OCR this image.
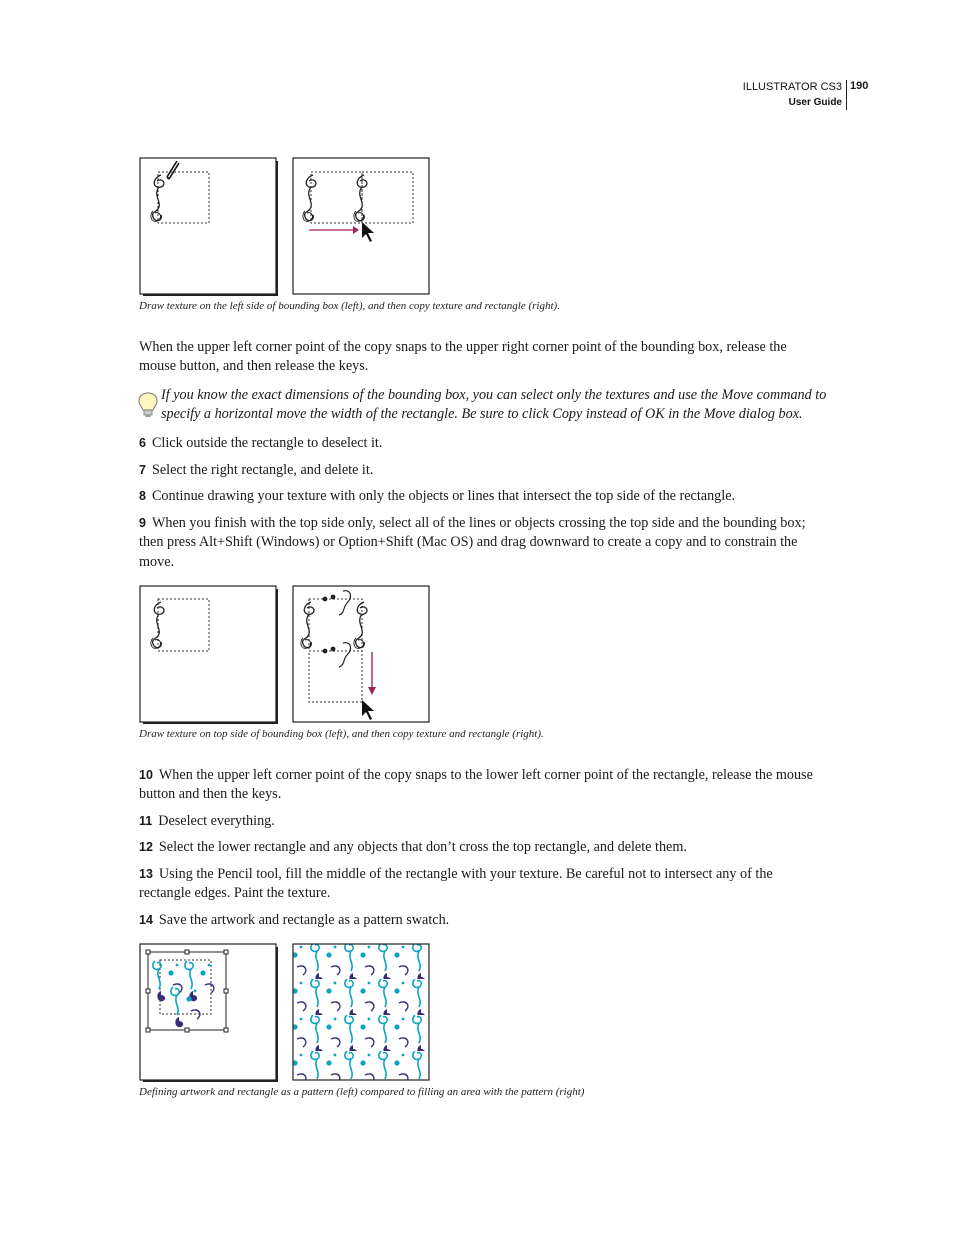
ILLUSTRATOR CS3
User Guide
190
Draw texture on the left side of bounding box (left), and then copy texture and rectangle (right).
When the upper left corner point of the copy snaps to the upper right corner point of the bounding box, release the mouse button, and then release the keys.
If you know the exact dimensions of the bounding box, you can select only the textures and use the Move command to specify a horizontal move the width of the rectangle. Be sure to click Copy instead of OK in the Move dialog box.
6 Click outside the rectangle to deselect it.
7 Select the right rectangle, and delete it.
8 Continue drawing your texture with only the objects or lines that intersect the top side of the rectangle.
9 When you finish with the top side only, select all of the lines or objects crossing the top side and the bounding box; then press Alt+Shift (Windows) or Option+Shift (Mac OS) and drag downward to create a copy and to constrain the move.
Draw texture on top side of bounding box (left), and then copy texture and rectangle (right).
10 When the upper left corner point of the copy snaps to the lower left corner point of the rectangle, release the mouse button and then the keys.
11 Deselect everything.
12 Select the lower rectangle and any objects that don’t cross the top rectangle, and delete them.
13 Using the Pencil tool, fill the middle of the rectangle with your texture. Be careful not to intersect any of the rectangle edges. Paint the texture.
14 Save the artwork and rectangle as a pattern swatch.
Defining artwork and rectangle as a pattern (left) compared to filling an area with the pattern (right)
